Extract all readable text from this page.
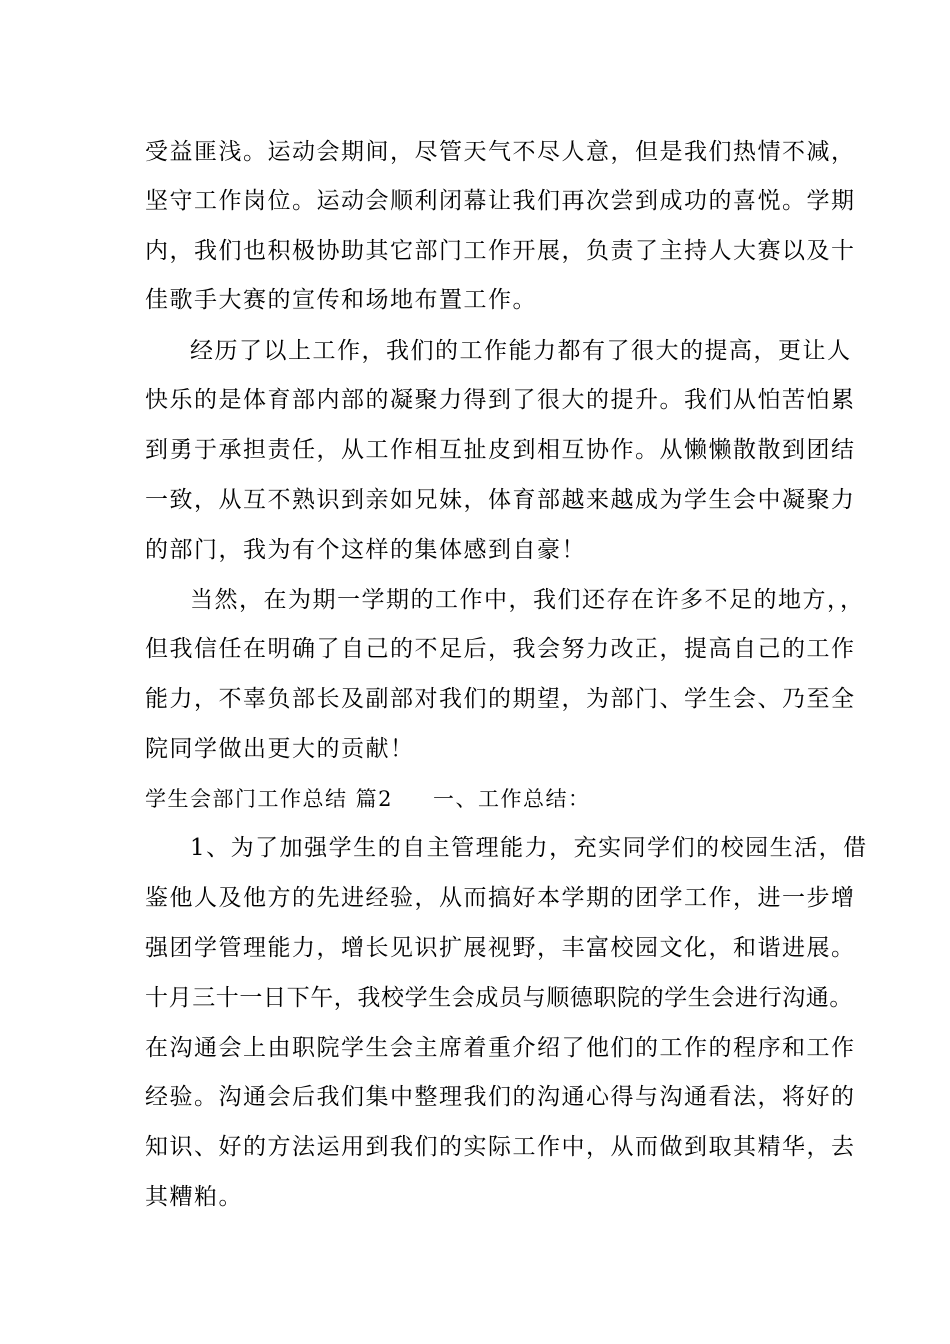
受益匪浅。运动会期间，尽管天气不尽人意，但是我们热情不减，

坚守工作岗位。运动会顺利闭幕让我们再次尝到成功的喜悦。学期

内，我们也积极协助其它部门工作开展，负责了主持人大赛以及十

佳歌手大赛的宣传和场地布置工作。

经历了以上工作，我们的工作能力都有了很大的提高，更让人

快乐的是体育部内部的凝聚力得到了很大的提升。我们从怕苦怕累

到勇于承担责任，从工作相互扯皮到相互协作。从懒懒散散到团结

一致，从互不熟识到亲如兄妹，体育部越来越成为学生会中凝聚力

的部门，我为有个这样的集体感到自豪！

当然，在为期一学期的工作中，我们还存在许多不足的地方，，

但我信任在明确了自己的不足后，我会努力改正，提高自己的工作

能力，不辜负部长及副部对我们的期望，为部门、学生会、乃至全

院同学做出更大的贡献！

学生会部门工作总结 篇2 一、工作总结：

1、为了加强学生的自主管理能力，充实同学们的校园生活，借

鉴他人及他方的先进经验，从而搞好本学期的团学工作，进一步增

强团学管理能力，增长见识扩展视野，丰富校园文化，和谐进展。

十月三十一日下午，我校学生会成员与顺德职院的学生会进行沟通。

在沟通会上由职院学生会主席着重介绍了他们的工作的程序和工作

经验。沟通会后我们集中整理我们的沟通心得与沟通看法，将好的

知识、好的方法运用到我们的实际工作中，从而做到取其精华，去

其糟粕。
